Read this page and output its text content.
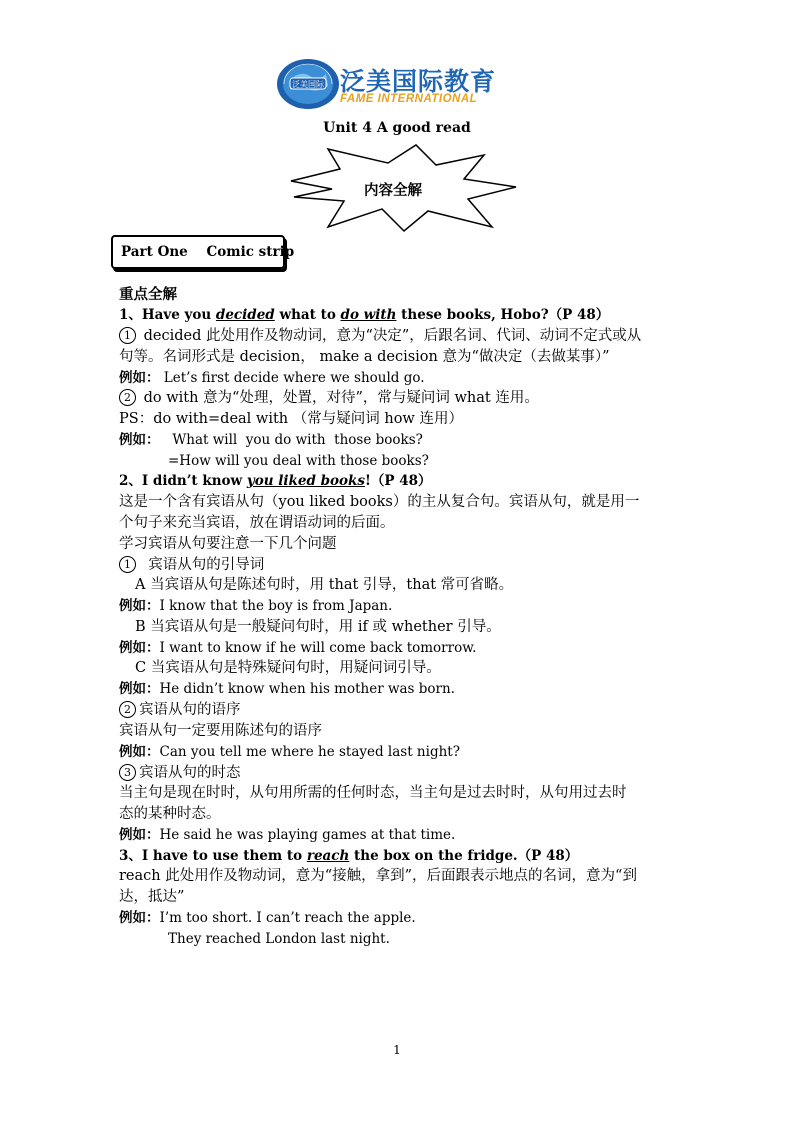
泛美国际 泛美国际教育
FAME INTERNATIONAL
Unit 4 A good read
内容全解
Part One    Comic strip
重点全解
1、Have you decided what to do with these books, Hobo?（P 48）
1 decided 此处用作及物动词，意为“决定”，后跟名词、代词、动词不定式或从
句等。名词形式是 decision， make a decision 意为“做决定（去做某事）”
例如： Let’s first decide where we should go.
2 do with 意为“处理，处置，对待”，常与疑问词 what 连用。
PS：do with=deal with （常与疑问词 how 连用）
例如：   What will  you do with  those books?
=How will you deal with those books?
2、I didn’t know you liked books!（P 48）
这是一个含有宾语从句（you liked books）的主从复合句。宾语从句，就是用一
个句子来充当宾语，放在谓语动词的后面。
学习宾语从句要注意一下几个问题
1  宾语从句的引导词
A 当宾语从句是陈述句时，用 that 引导，that 常可省略。
例如：I know that the boy is from Japan.
B 当宾语从句是一般疑问句时，用 if 或 whether 引导。
例如：I want to know if he will come back tomorrow.
C 当宾语从句是特殊疑问句时，用疑问词引导。
例如：He didn’t know when his mother was born.
2 宾语从句的语序
宾语从句一定要用陈述句的语序
例如：Can you tell me where he stayed last night?
3 宾语从句的时态
当主句是现在时时，从句用所需的任何时态，当主句是过去时时，从句用过去时
态的某种时态。
例如：He said he was playing games at that time.
3、I have to use them to reach the box on the fridge.（P 48）
reach 此处用作及物动词，意为“接触，拿到”，后面跟表示地点的名词，意为“到
达，抵达”
例如：I’m too short. I can’t reach the apple.
They reached London last night.
1
